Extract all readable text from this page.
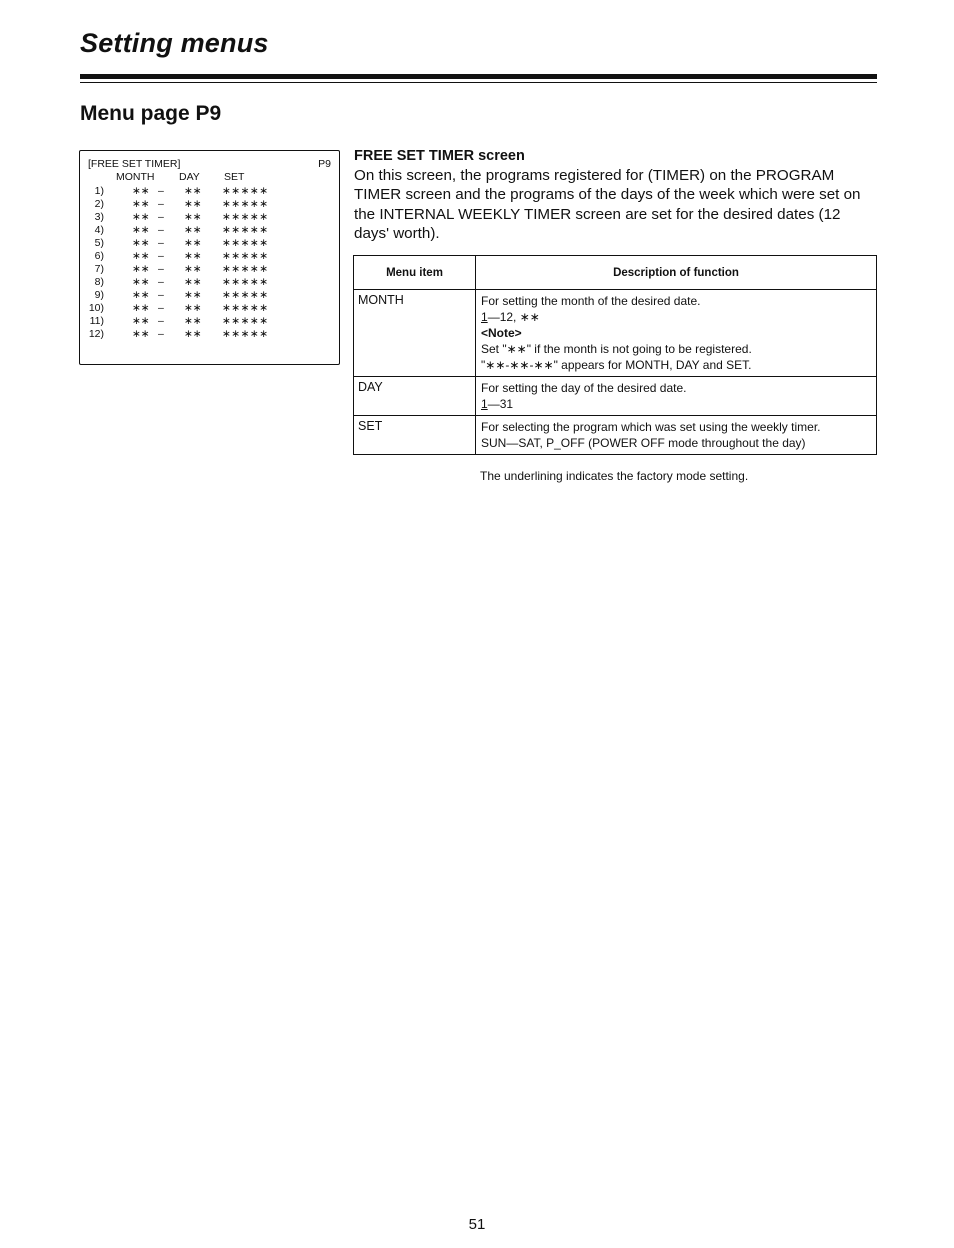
Setting menus
Menu page P9
[FREE SET TIMER]	P9
MONTH DAY SET
1)	∗∗ – ∗∗ ∗∗∗∗∗
2)	∗∗ – ∗∗ ∗∗∗∗∗
3)	∗∗ – ∗∗ ∗∗∗∗∗
4)	∗∗ – ∗∗ ∗∗∗∗∗
5)	∗∗ – ∗∗ ∗∗∗∗∗
6)	∗∗ – ∗∗ ∗∗∗∗∗
7)	∗∗ – ∗∗ ∗∗∗∗∗
8)	∗∗ – ∗∗ ∗∗∗∗∗
9)	∗∗ – ∗∗ ∗∗∗∗∗
10)	∗∗ – ∗∗ ∗∗∗∗∗
11)	∗∗ – ∗∗ ∗∗∗∗∗
12)	∗∗ – ∗∗ ∗∗∗∗∗
FREE SET TIMER screen

On this screen, the programs registered for (TIMER) on the PROGRAM TIMER screen and the programs of the days of the week which were set on the INTERNAL WEEKLY TIMER screen are set for the desired dates (12 days' worth).

Menu item	Description of function
MONTH	For setting the month of the desired date.
1—12, ∗∗
<Note>
Set "∗∗" if the month is not going to be registered.
"∗∗-∗∗-∗∗" appears for MONTH, DAY and SET.

DAY	For setting the day of the desired date.
1—31

SET	For selecting the program which was set using the weekly timer.
SUN—SAT, P_OFF (POWER OFF mode throughout the day)

The underlining indicates the factory mode setting.

51
